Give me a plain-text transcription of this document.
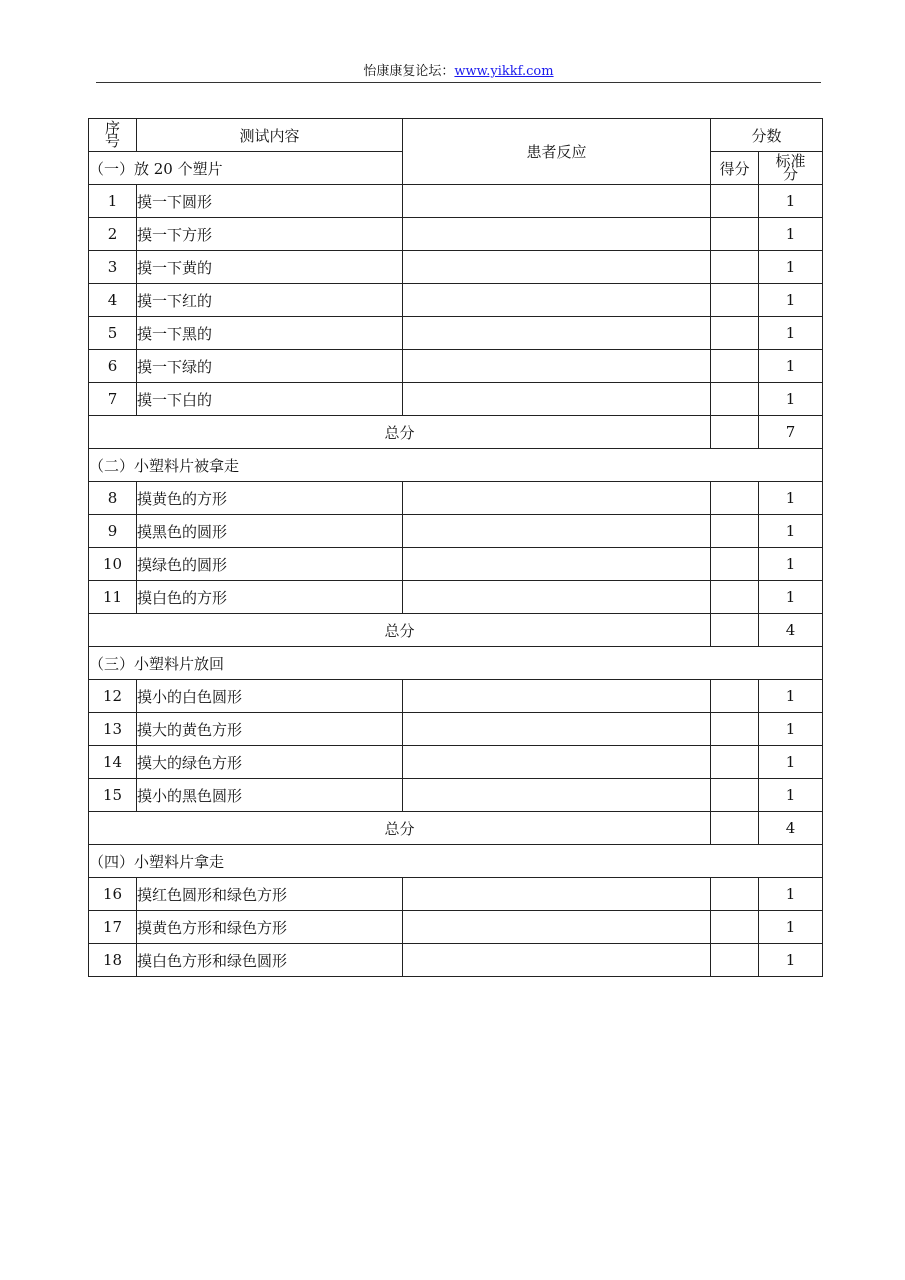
怡康康复论坛：www.yikkf.com
序
号	测试内容	患者反应	分数	
（一）放 20 个塑片			得分	标准
分

1	摸一下圆形			1
2	摸一下方形			1
3	摸一下黄的			1
4	摸一下红的			1
5	摸一下黑的			1
6	摸一下绿的			1
7	摸一下白的			1
总分				7
（二）小塑料片被拿走				
8	摸黄色的方形			1
9	摸黑色的圆形			1
10	摸绿色的圆形			1
11	摸白色的方形			1
总分				4
（三）小塑料片放回				
12	摸小的白色圆形			1
13	摸大的黄色方形			1
14	摸大的绿色方形			1
15	摸小的黑色圆形			1
总分				4
（四）小塑料片拿走				
16	摸红色圆形和绿色方形			1
17	摸黄色方形和绿色方形			1
18	摸白色方形和绿色圆形			1
